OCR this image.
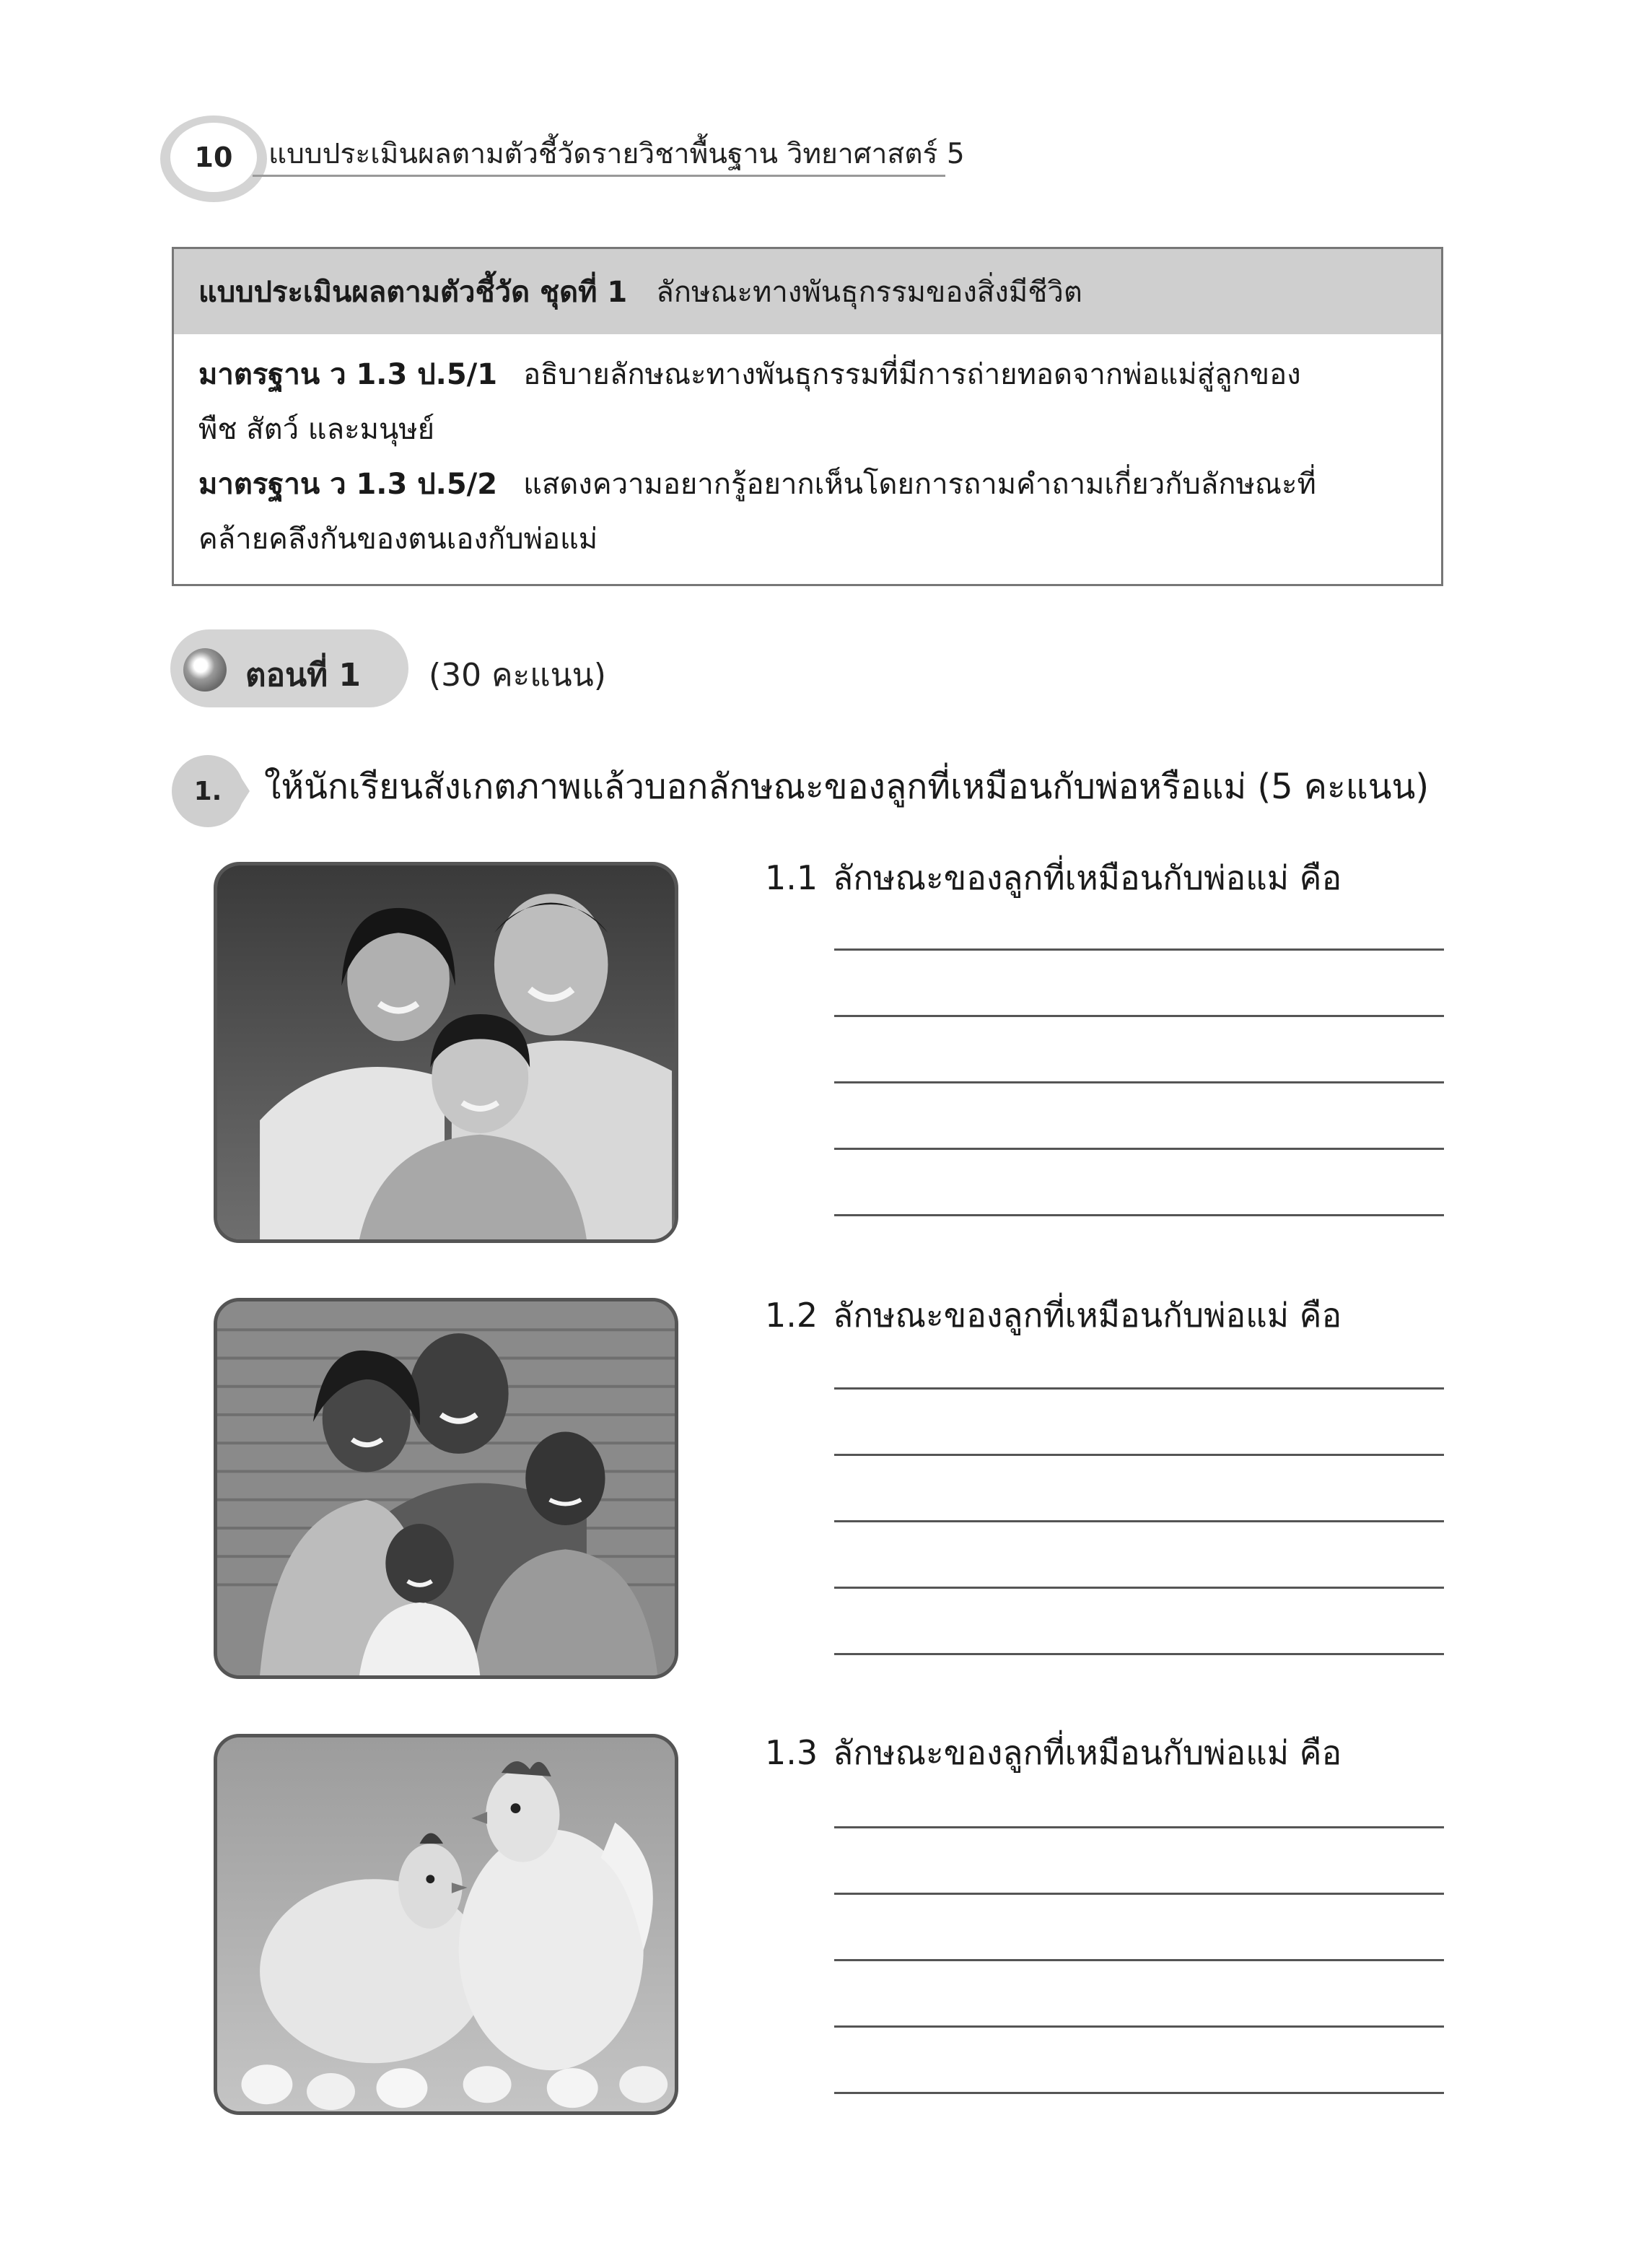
10	แบบประเมินผลตามตัวชี้วัดรายวิชาพื้นฐาน วิทยาศาสตร์ 5
แบบประเมินผลตามตัวชี้วัด ชุดที่ 1 ลักษณะทางพันธุกรรมของสิ่งมีชีวิต
มาตรฐาน ว 1.3 ป.5/1 อธิบายลักษณะทางพันธุกรรมที่มีการถ่ายทอดจากพ่อแม่สู่ลูกของ
พืช สัตว์ และมนุษย์
มาตรฐาน ว 1.3 ป.5/2 แสดงความอยากรู้อยากเห็นโดยการถามคำถามเกี่ยวกับลักษณะที่
คล้ายคลึงกันของตนเองกับพ่อแม่
ตอนที่ 1 (30 คะแนน)
1.	ให้นักเรียนสังเกตภาพแล้วบอกลักษณะของลูกที่เหมือนกับพ่อหรือแม่ (5 คะแนน)
1.1 ลักษณะของลูกที่เหมือนกับพ่อแม่ คือ
1.2 ลักษณะของลูกที่เหมือนกับพ่อแม่ คือ
1.3 ลักษณะของลูกที่เหมือนกับพ่อแม่ คือ
